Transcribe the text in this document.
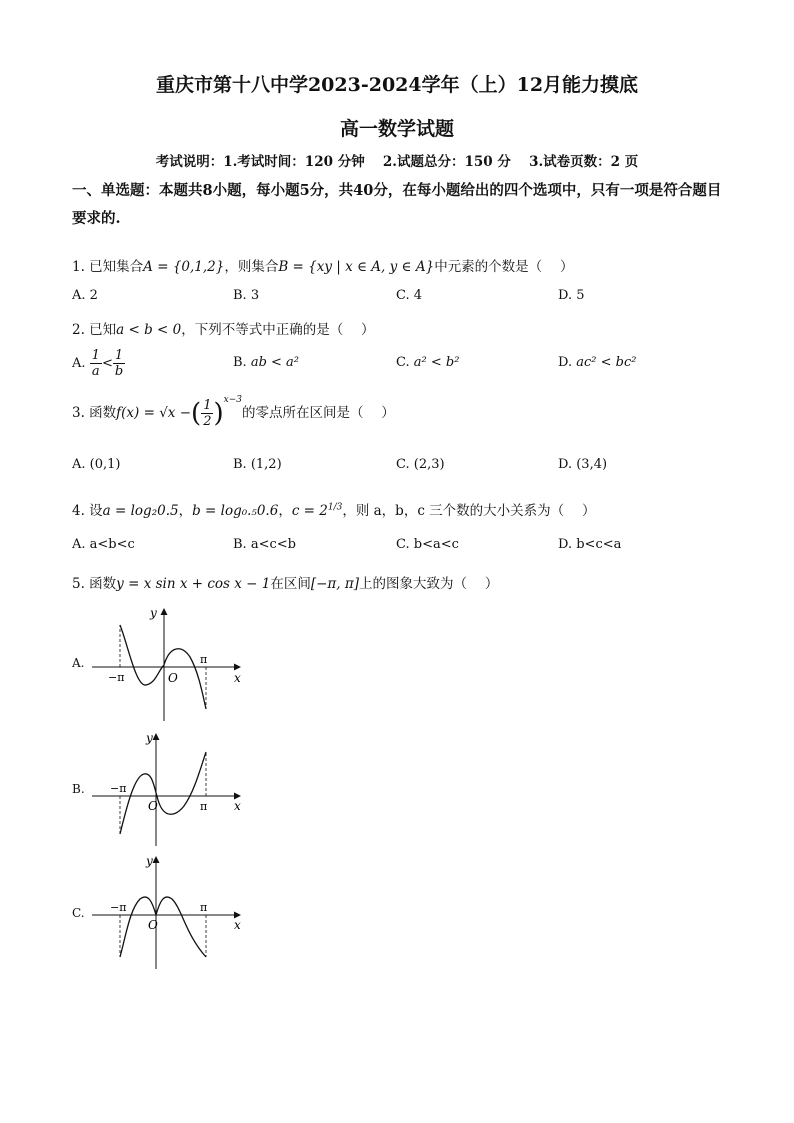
重庆市第十八中学2023-2024学年（上）12月能力摸底
高一数学试题
考试说明：1.考试时间：120 分钟　 2.试题总分：150 分　 3.试卷页数：2 页
一、单选题：本题共8小题，每小题5分，共40分，在每小题给出的四个选项中，只有一项是符合题目要求的.
1. 已知集合A = {0,1,2}，则集合B = {xy | x ∈ A, y ∈ A}中元素的个数是（　 ）
A. 2	B. 3	C. 4	D. 5
2. 已知a < b < 0，下列不等式中正确的是（　 ）
A. $\frac{1}{a} < \frac{1}{b}$	B. ab < a²	C. a² < b²	D. ac² < bc²
3. 函数f(x) = √x −( $\frac{1}{2} )^{x-3}$的零点所在区间是（　 ）
A. (0,1)	B. (1,2)	C. (2,3)	D. (3,4)
4. 设a = log₂0.5，b = log₀.₅0.6，$c = 2^{1/3}$，则 a，b，c 三个数的大小关系为（　 ）
A. a<b<c	B. a<c<b	C. b<a<c	D. b<c<a
5. 函数y = x sin x + cos x − 1在区间[−π, π]上的图象大致为（　 ）
A.
B.
C.
y
x
O
−π
π
y
x
O
−π
π
y
x
O
−π	π
